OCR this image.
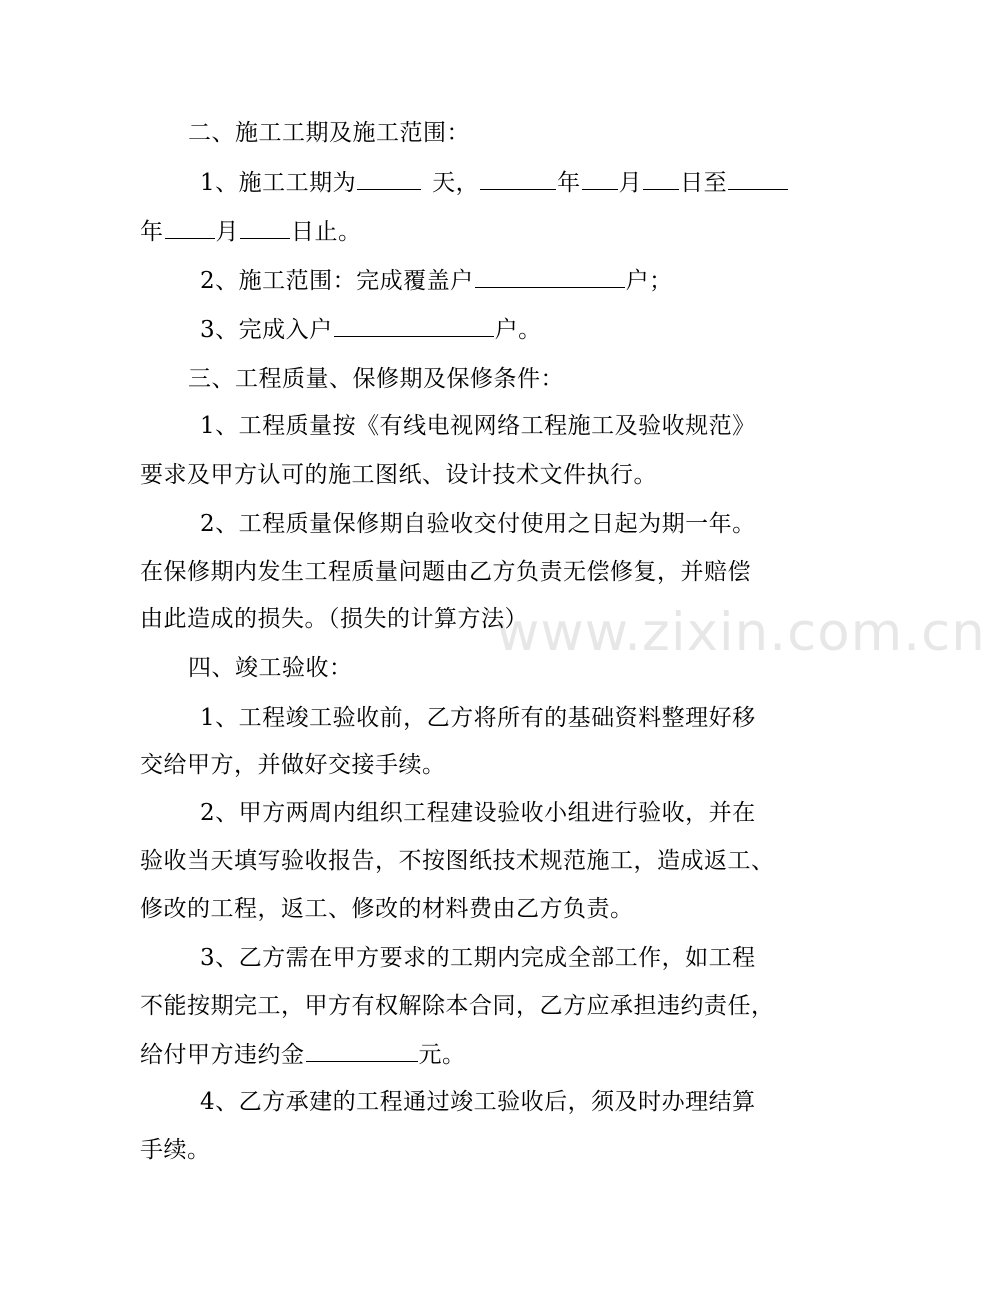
二、施工工期及施工范围：
1、施工工期为	天，	年 月 日至
年 月 日止。
2、施工范围：完成覆盖户	户；
3、完成入户	户。
三、工程质量、保修期及保修条件：
1、工程质量按《有线电视网络工程施工及验收规范》
要求及甲方认可的施工图纸、设计技术文件执行。
2、工程质量保修期自验收交付使用之日起为期一年。
在保修期内发生工程质量问题由乙方负责无偿修复，并赔偿
由此造成的损失。（损失的计算方法）
四、竣工验收：
1、工程竣工验收前，乙方将所有的基础资料整理好移
交给甲方，并做好交接手续。
2、甲方两周内组织工程建设验收小组进行验收，并在
验收当天填写验收报告，不按图纸技术规范施工，造成返工、
修改的工程，返工、修改的材料费由乙方负责。
3、乙方需在甲方要求的工期内完成全部工作，如工程
不能按期完工，甲方有权解除本合同，乙方应承担违约责任，
给付甲方违约金	元。
4、乙方承建的工程通过竣工验收后，须及时办理结算
手续。
www.zixin.com.cn
